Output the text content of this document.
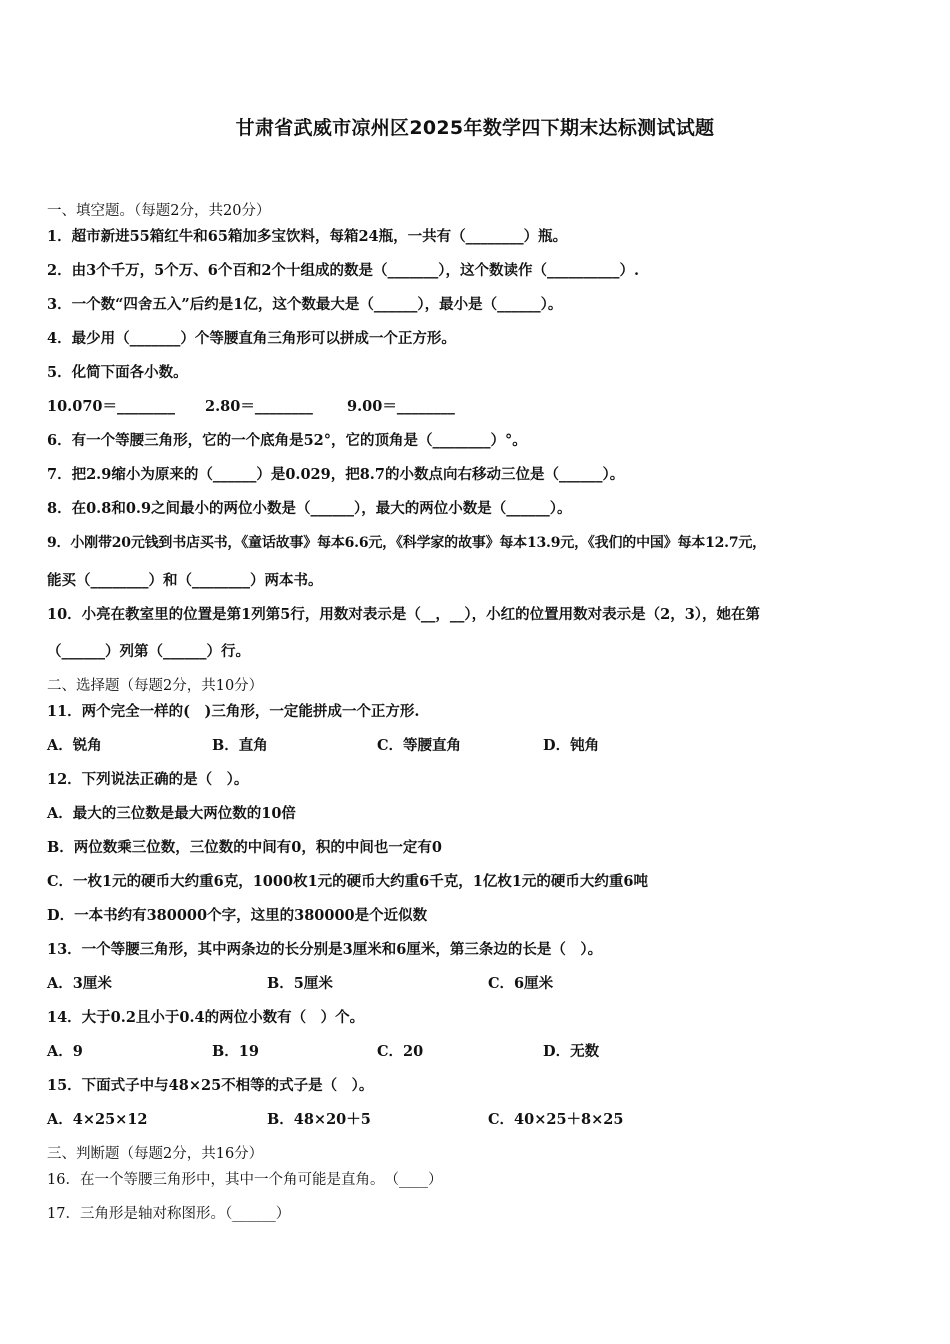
甘肃省武威市凉州区2025年数学四下期末达标测试试题
一、填空题。（每题2分，共20分）
1．超市新进55箱红牛和65箱加多宝饮料，每箱24瓶，一共有（________）瓶。
2．由3个千万，5个万、6个百和2个十组成的数是（_______），这个数读作（__________）.
3．一个数“四舍五入”后约是1亿，这个数最大是（______），最小是（______）。
4．最少用（_______）个等腰直角三角形可以拼成一个正方形。
5．化简下面各小数。
10.070＝________ 2.80＝________ 9.00＝________
6．有一个等腰三角形，它的一个底角是52°，它的顶角是（________）°。
7．把2.9缩小为原来的（______）是0.029，把8.7的小数点向右移动三位是（______）。
8．在0.8和0.9之间最小的两位小数是（______），最大的两位小数是（______）。
9．小刚带20元钱到书店买书，《童话故事》每本6.6元，《科学家的故事》每本13.9元，《我们的中国》每本12.7元，
能买（________）和（________）两本书。
10．小亮在教室里的位置是第1列第5行，用数对表示是（__，__），小红的位置用数对表示是（2，3），她在第
（______）列第（______）行。
二、选择题（每题2分，共10分）
11．两个完全一样的(　)三角形，一定能拼成一个正方形.
A．锐角	B．直角	C．等腰直角	D．钝角
12．下列说法正确的是（　）。
A．最大的三位数是最大两位数的10倍
B．两位数乘三位数，三位数的中间有0，积的中间也一定有0
C．一枚1元的硬币大约重6克，1000枚1元的硬币大约重6千克，1亿枚1元的硬币大约重6吨
D．一本书约有380000个字，这里的380000是个近似数
13．一个等腰三角形，其中两条边的长分别是3厘米和6厘米，第三条边的长是（　）。
A．3厘米	B．5厘米	C．6厘米
14．大于0.2且小于0.4的两位小数有（　）个。
A．9	B．19	C．20	D．无数
15．下面式子中与48×25不相等的式子是（　）。
A．4×25×12	B．48×20＋5	C．40×25＋8×25
三、判断题（每题2分，共16分）
16．在一个等腰三角形中，其中一个角可能是直角。　（____）
17．三角形是轴对称图形。（______）
